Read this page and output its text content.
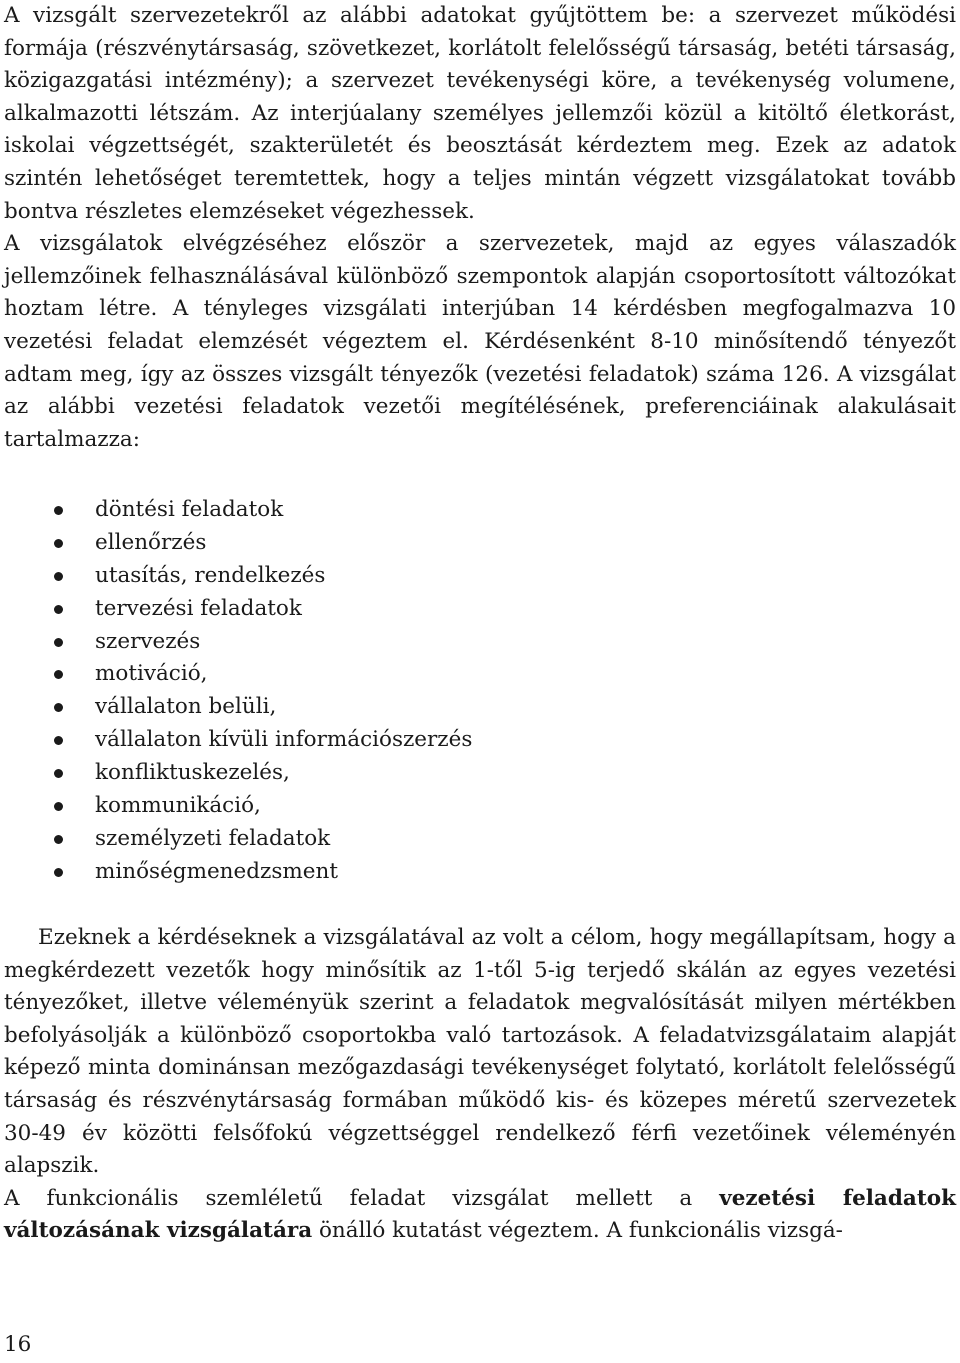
A vizsgált szervezetekről az alábbi adatokat gyűjtöttem be: a szervezet működési formája (részvénytársaság, szövetkezet, korlátolt felelősségű társaság, betéti társaság, közigazgatási intézmény); a szervezet tevékenységi köre, a tevékenység volumene, alkalmazotti létszám. Az interjúalany személyes jellemzői közül a kitöltő életkorást, iskolai végzettségét, szakterületét és beosztását kérdeztem meg. Ezek az adatok szintén lehetőséget teremtettek, hogy a teljes mintán végzett vizsgálatokat tovább bontva részletes elemzéseket végezhessek.
A vizsgálatok elvégzéséhez először a szervezetek, majd az egyes válaszadók jellemzőinek felhasználásával különböző szempontok alapján csoportosított változókat hoztam létre. A tényleges vizsgálati interjúban 14 kérdésben megfogalmazva 10 vezetési feladat elemzését végeztem el. Kérdésenként 8-10 minősítendő tényezőt adtam meg, így az összes vizsgált tényezők (vezetési feladatok) száma 126. A vizsgálat az alábbi vezetési feladatok vezetői megítélésének, preferenciáinak alakulásait tartalmazza:

döntési feladatok
ellenőrzés
utasítás, rendelkezés
tervezési feladatok
szervezés
motiváció,
vállalaton belüli,
vállalaton kívüli információszerzés
konfliktuskezelés,
kommunikáció,
személyzeti feladatok
minőségmenedzsment

Ezeknek a kérdéseknek a vizsgálatával az volt a célom, hogy megállapítsam, hogy a megkérdezett vezetők hogy minősítik az 1-től 5-ig terjedő skálán az egyes vezetési tényezőket, illetve véleményük szerint a feladatok megvalósítását milyen mértékben befolyásolják a különböző csoportokba való tartozások. A feladatvizsgálataim alapját képező minta dominánsan mezőgazdasági tevékenységet folytató, korlátolt felelősségű társaság és részvénytársaság formában működő kis- és közepes méretű szervezetek 30-49 év közötti felsőfokú végzettséggel rendelkező férfi vezetőinek véleményén alapszik.
A funkcionális szemléletű feladat vizsgálat mellett a vezetési feladatok változásának vizsgálatára önálló kutatást végeztem. A funkcionális vizsgá-

16
